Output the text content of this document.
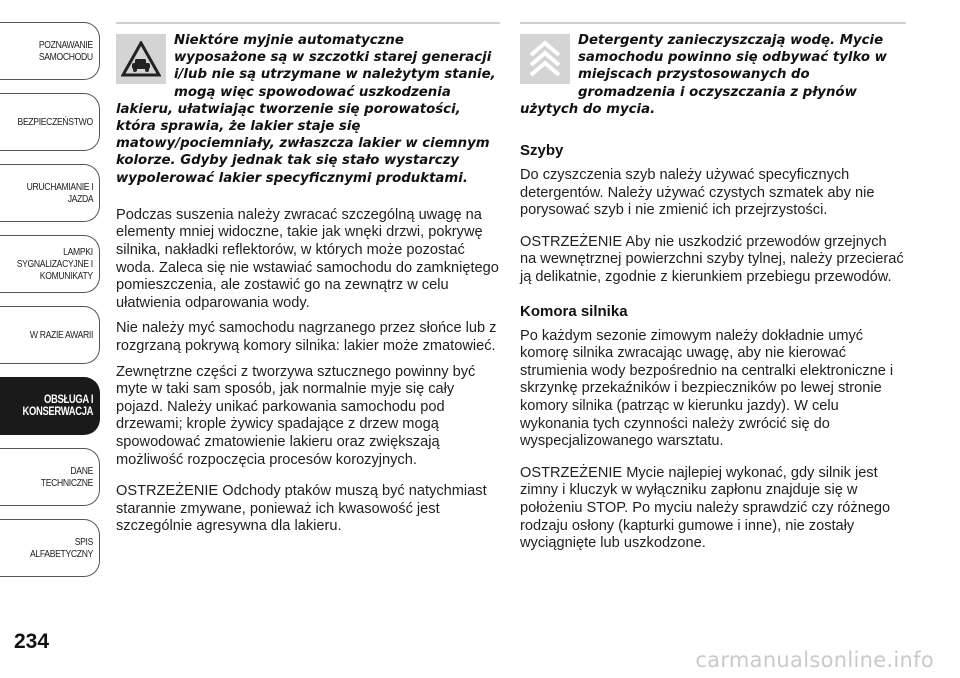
POZNAWANIE
SAMOCHODU
BEZPIECZEŃSTWO
URUCHAMIANIE I
JAZDA
LAMPKI
SYGNALIZACYJNE I
KOMUNIKATY
W RAZIE AWARII
OBSŁUGA I
KONSERWACJA
DANE TECHNICZNE
SPIS ALFABETYCZNY
234
Niektóre myjnie automatyczne wyposażone są w szczotki starej generacji i/lub nie są utrzymane w należytym stanie, mogą więc spowodować uszkodzenia lakieru, ułatwiając tworzenie się porowatości, która sprawia, że lakier staje się matowy/pociemniały, zwłaszcza lakier w ciemnym kolorze. Gdyby jednak tak się stało wystarczy wypolerować lakier specyficznymi produktami.

Podczas suszenia należy zwracać szczególną uwagę na elementy mniej widoczne, takie jak wnęki drzwi, pokrywę silnika, nakładki reflektorów, w których może pozostać woda. Zaleca się nie wstawiać samochodu do zamkniętego pomieszczenia, ale zostawić go na zewnątrz w celu ułatwienia odparowania wody.

Nie należy myć samochodu nagrzanego przez słońce lub z rozgrzaną pokrywą komory silnika: lakier może zmatowieć.

Zewnętrzne części z tworzywa sztucznego powinny być myte w taki sam sposób, jak normalnie myje się cały pojazd. Należy unikać parkowania samochodu pod drzewami; krople żywicy spadające z drzew mogą spowodować zmatowienie lakieru oraz zwiększają możliwość rozpoczęcia procesów korozyjnych.

OSTRZEŻENIE Odchody ptaków muszą być natychmiast starannie zmywane, ponieważ ich kwasowość jest szczególnie agresywna dla lakieru.

Detergenty zanieczyszczają wodę. Mycie samochodu powinno się odbywać tylko w miejscach przystosowanych do gromadzenia i oczyszczania z płynów użytych do mycia.
Szyby

Do czyszczenia szyb należy używać specyficznych detergentów. Należy używać czystych szmatek aby nie porysować szyb i nie zmienić ich przejrzystości.

OSTRZEŻENIE Aby nie uszkodzić przewodów grzejnych na wewnętrznej powierzchni szyby tylnej, należy przecierać ją delikatnie, zgodnie z kierunkiem przebiegu przewodów.

Komora silnika

Po każdym sezonie zimowym należy dokładnie umyć komorę silnika zwracając uwagę, aby nie kierować strumienia wody bezpośrednio na centralki elektroniczne i skrzynkę przekaźników i bezpieczników po lewej stronie komory silnika (patrząc w kierunku jazdy). W celu wykonania tych czynności należy zwrócić się do wyspecjalizowanego warsztatu.

OSTRZEŻENIE Mycie najlepiej wykonać, gdy silnik jest zimny i kluczyk w wyłączniku zapłonu znajduje się w położeniu STOP. Po myciu należy sprawdzić czy różnego rodzaju osłony (kapturki gumowe i inne), nie zostały wyciągnięte lub uszkodzone.

carmanualsonline.info
